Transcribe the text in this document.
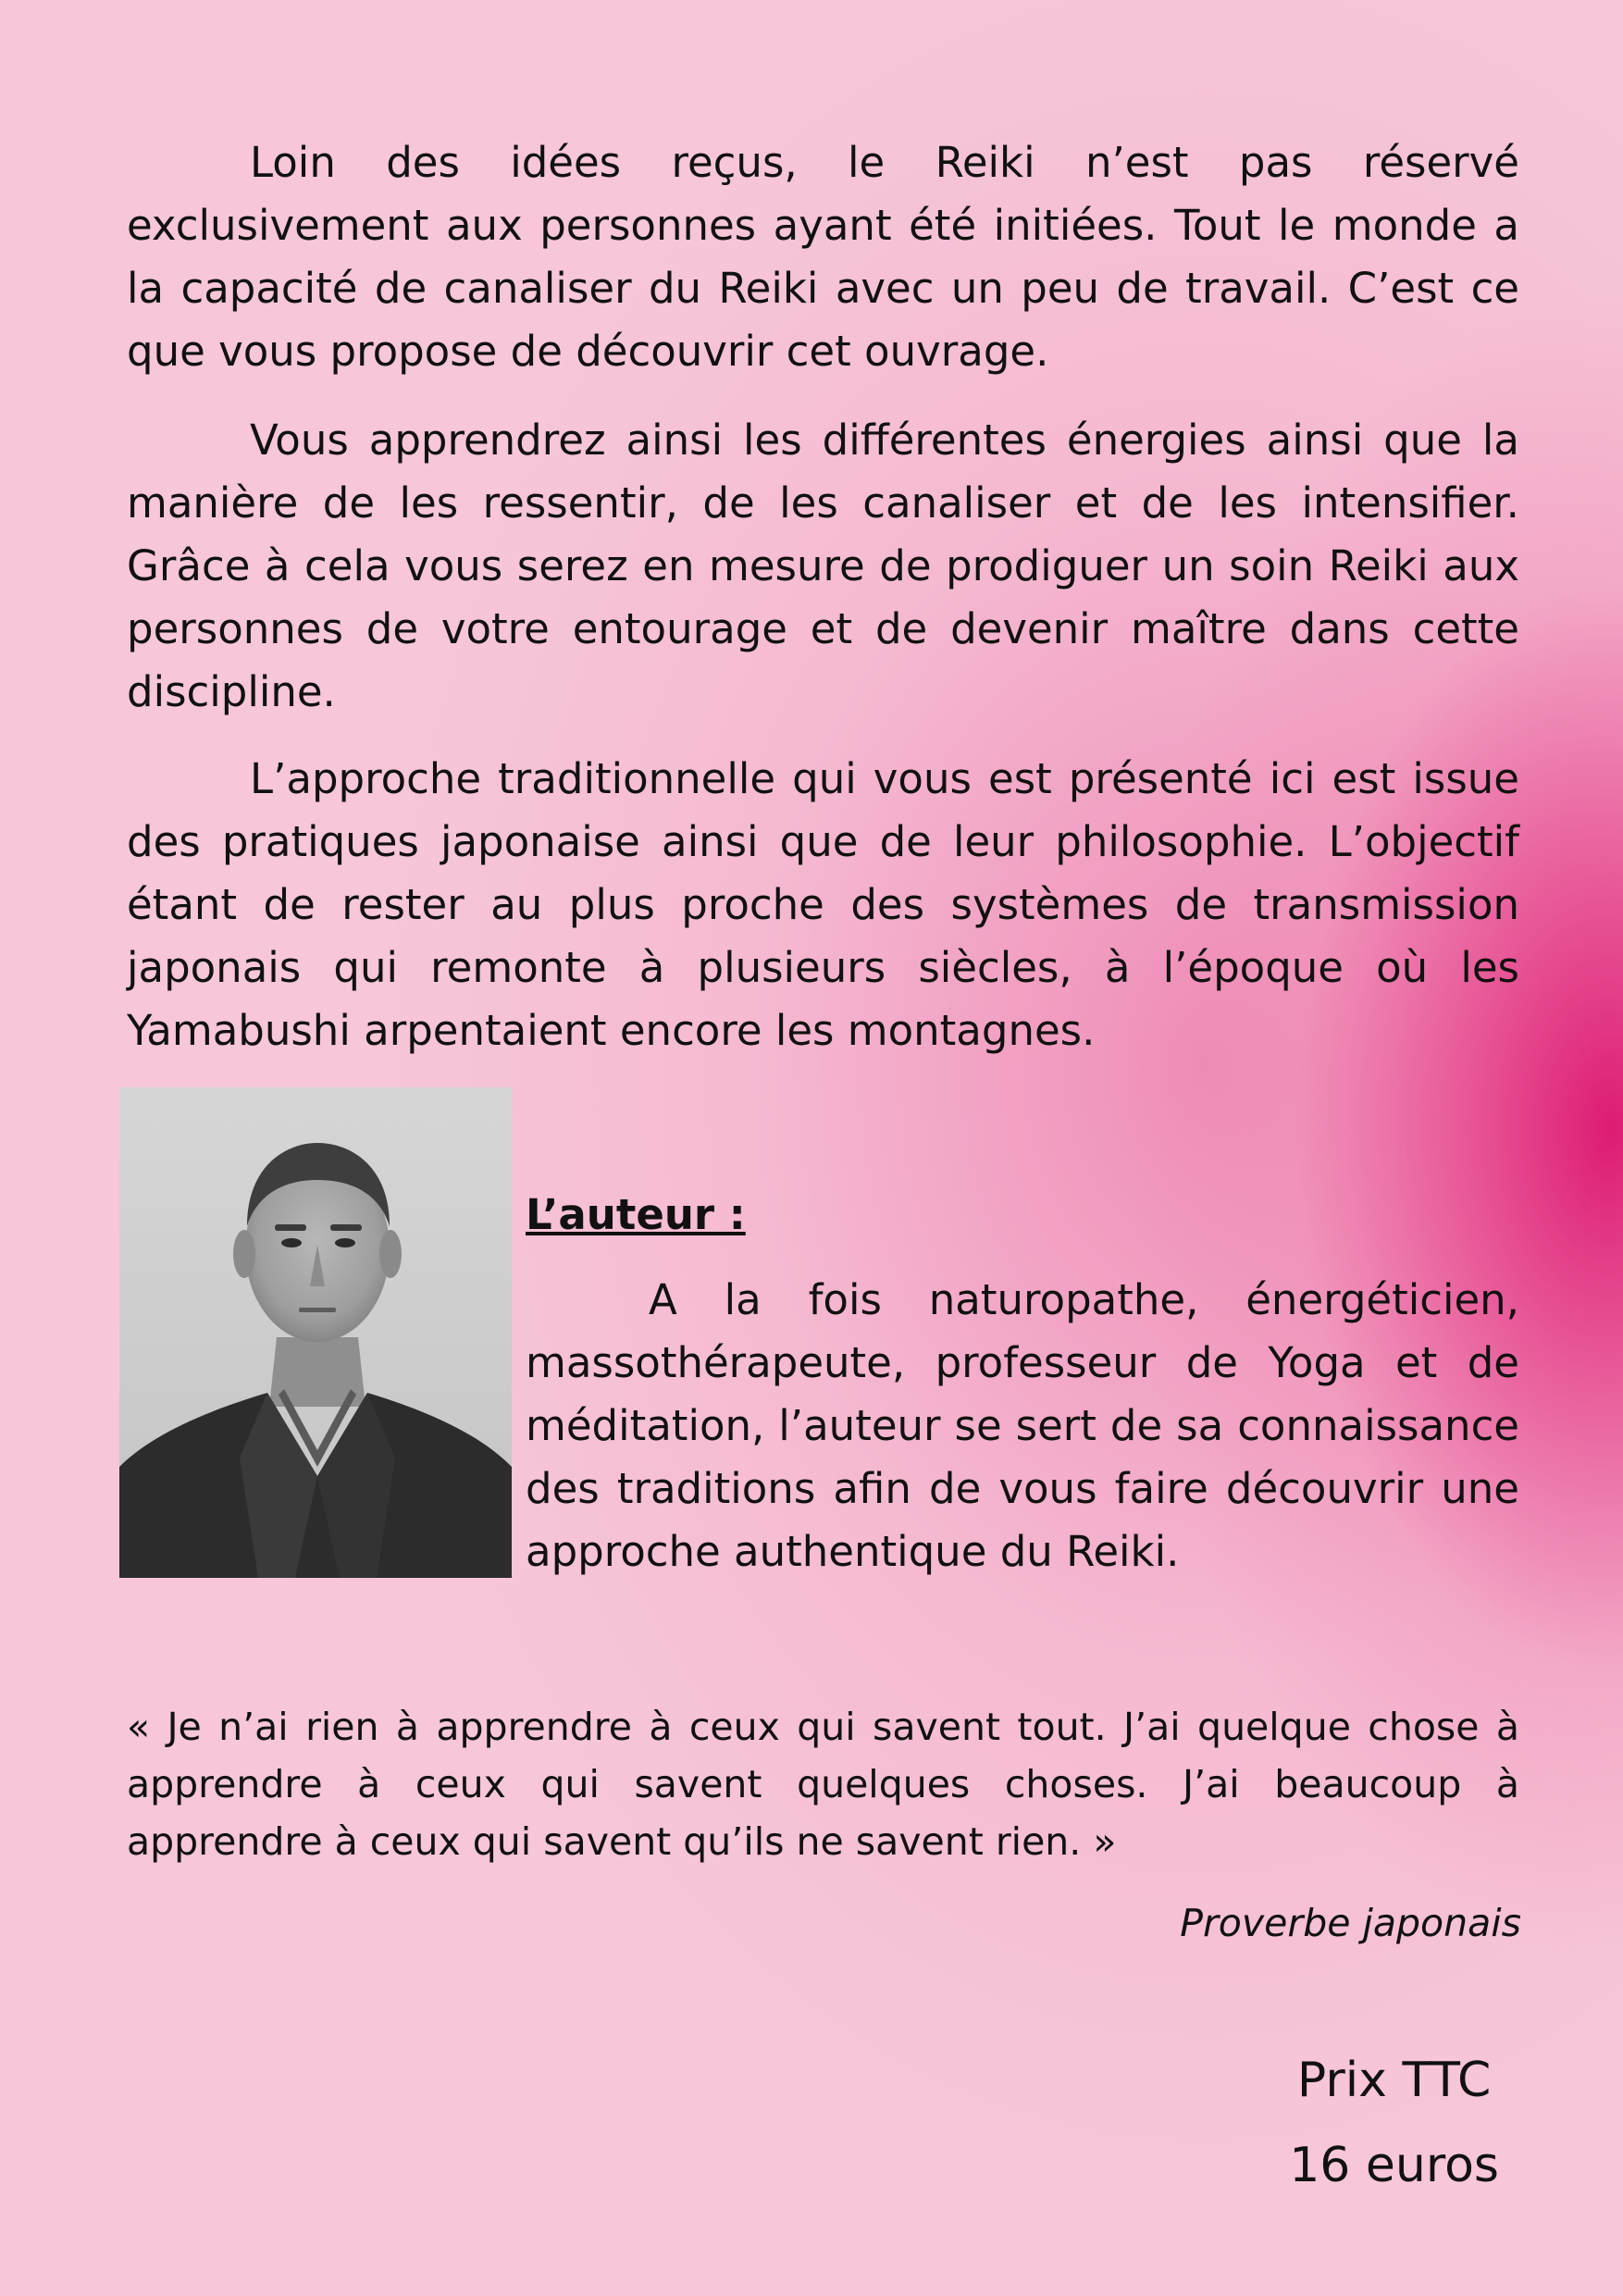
Loin des idées reçus, le Reiki n’est pas réservé exclusivement aux personnes ayant été initiées. Tout le monde a la capacité de canaliser du Reiki avec un peu de travail. C’est ce que vous propose de découvrir cet ouvrage.

Vous apprendrez ainsi les différentes énergies ainsi que la manière de les ressentir, de les canaliser et de les intensifier. Grâce à cela vous serez en mesure de prodiguer un soin Reiki aux personnes de votre entourage et de devenir maître dans cette discipline.

L’approche traditionnelle qui vous est présenté ici est issue des pratiques japonaise ainsi que de leur philosophie. L’objectif étant de rester au plus proche des systèmes de transmission japonais qui remonte à plusieurs siècles, à l’époque où les Yamabushi arpentaient encore les montagnes.

L’auteur :

A la fois naturopathe, énergéticien, massothérapeute, professeur de Yoga et de méditation, l’auteur se sert de sa connaissance des traditions afin de vous faire découvrir une approche authentique du Reiki.

« Je n’ai rien à apprendre à ceux qui savent tout. J’ai quelque chose à apprendre à ceux qui savent quelques choses. J’ai beaucoup à apprendre à ceux qui savent qu’ils ne savent rien. »

Proverbe japonais
Prix TTC
16 euros
